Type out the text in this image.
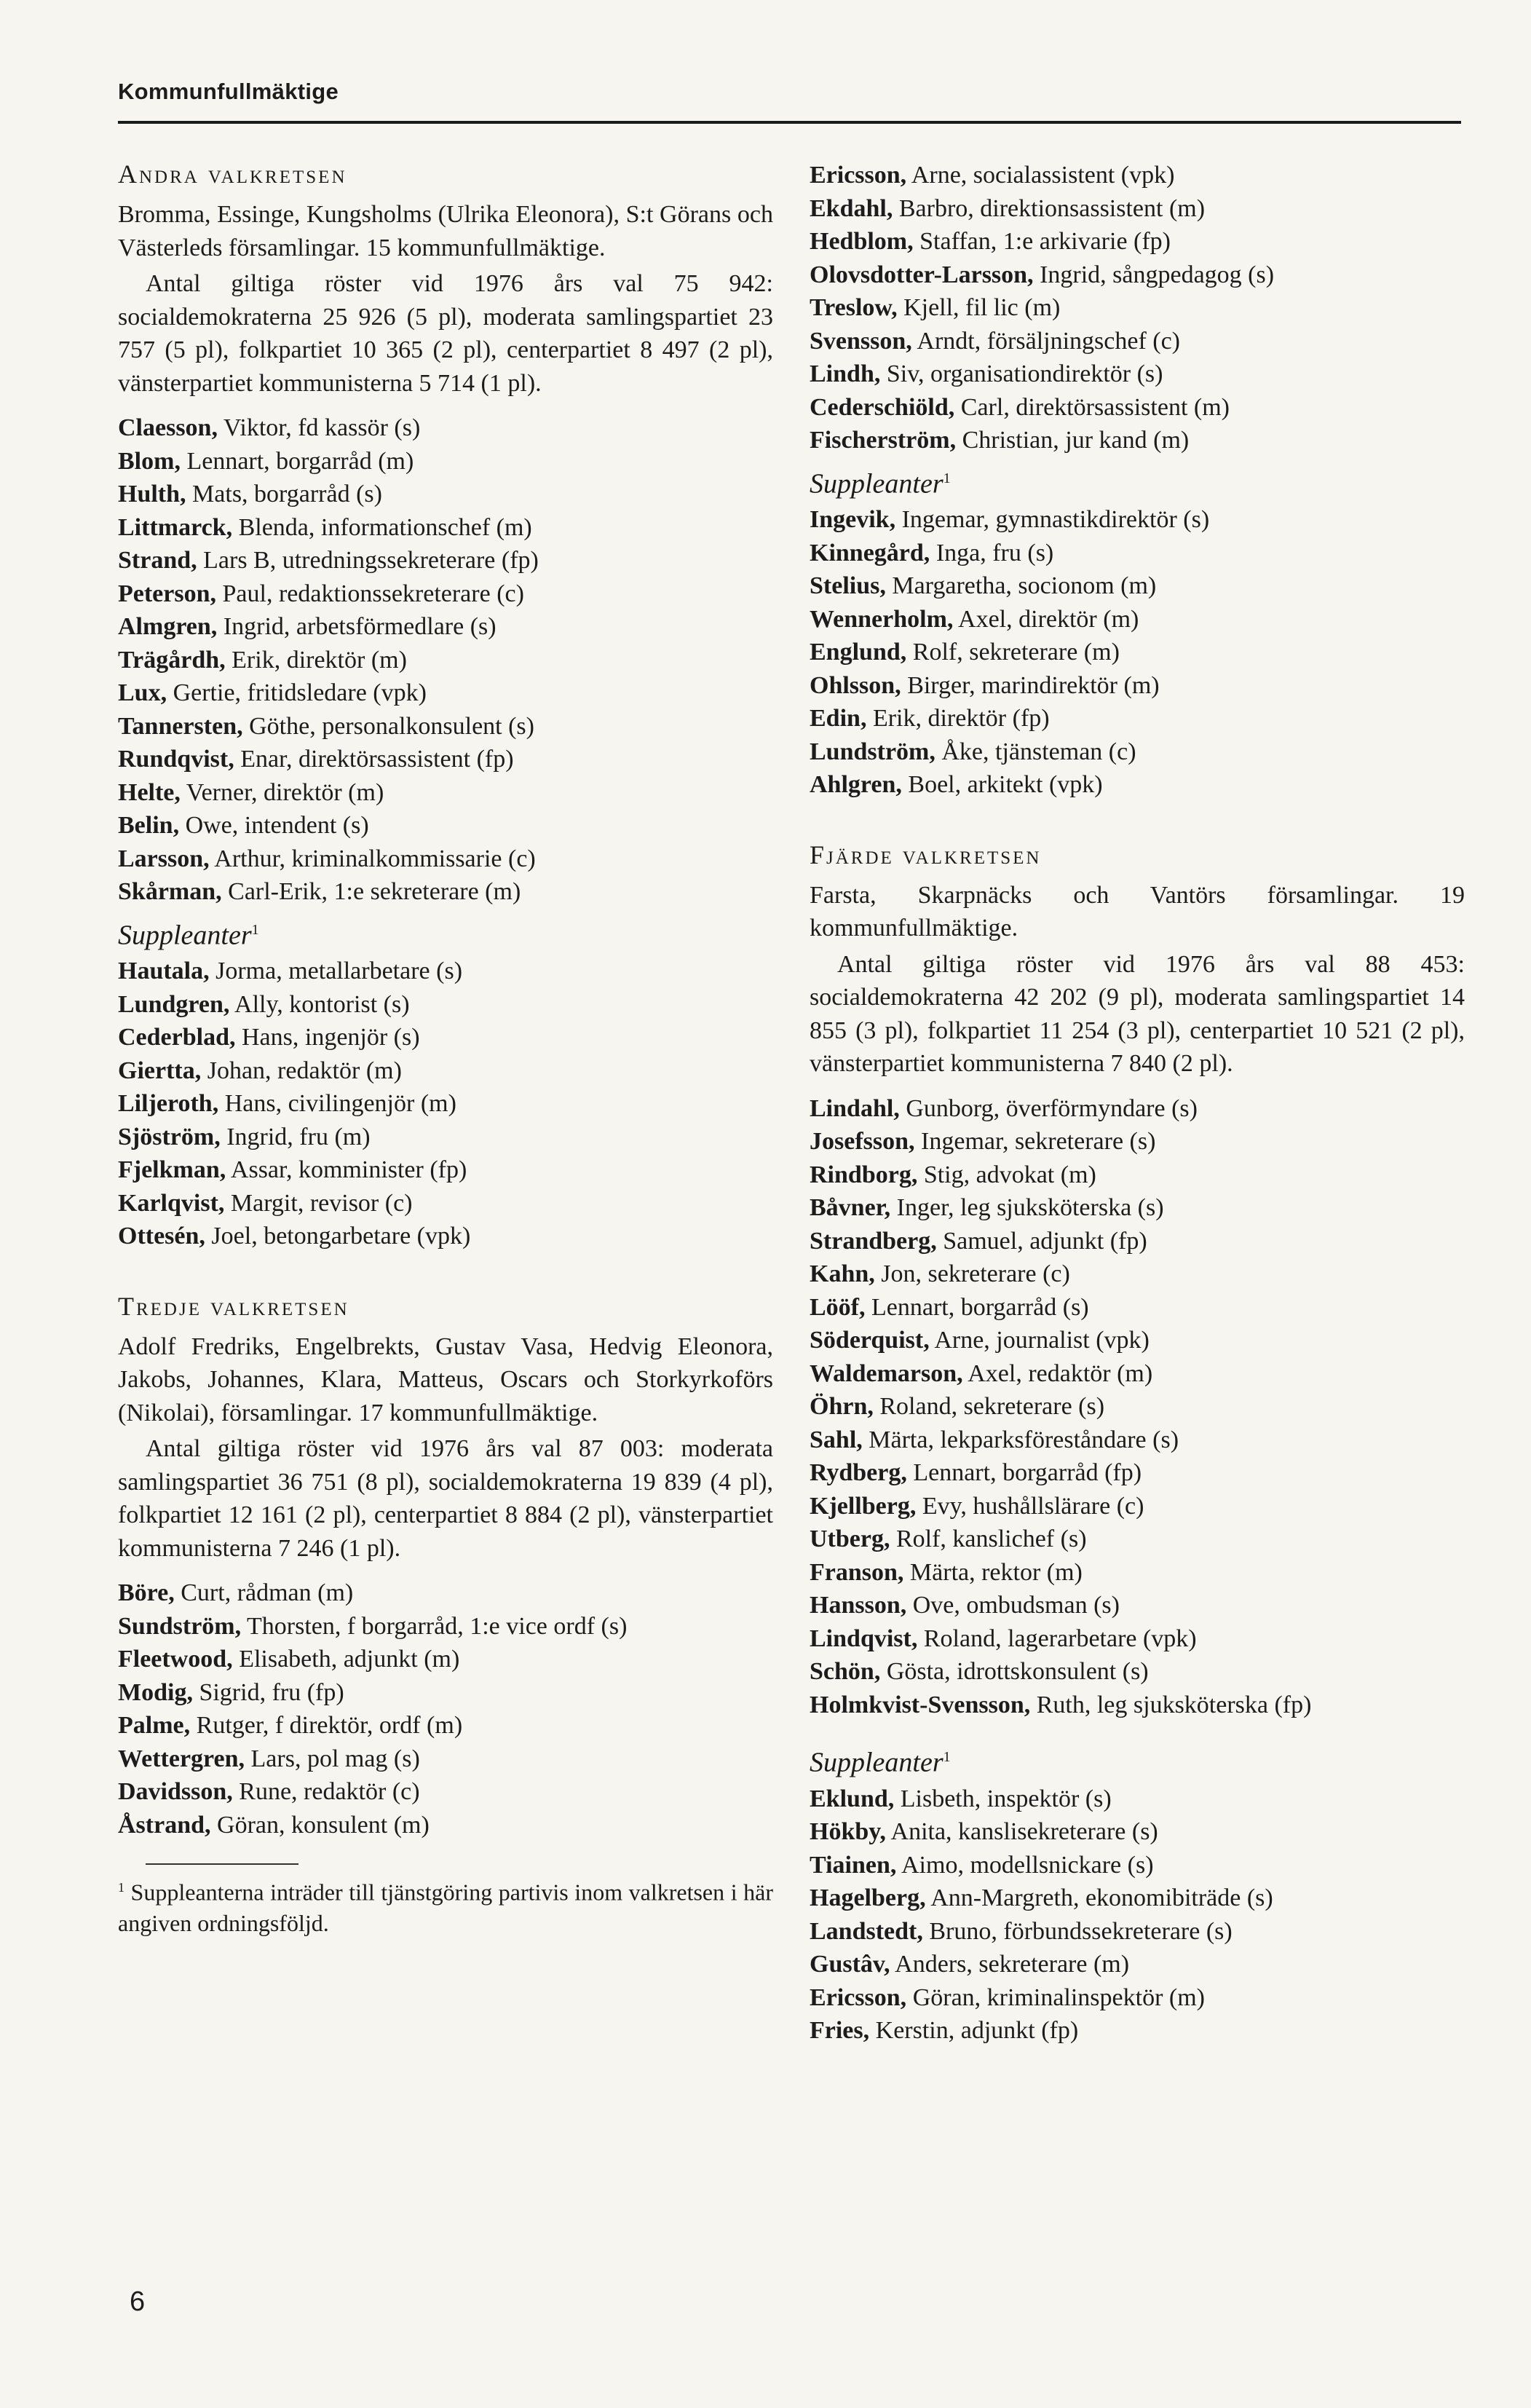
Kommunfullmäktige
Andra valkretsen

Bromma, Essinge, Kungsholms (Ulrika Eleonora), S:t Görans och Västerleds församlingar. 15 kommunfullmäktige.

Antal giltiga röster vid 1976 års val 75 942: socialdemokraterna 25 926 (5 pl), moderata samlingspartiet 23 757 (5 pl), folkpartiet 10 365 (2 pl), centerpartiet 8 497 (2 pl), vänsterpartiet kommunisterna 5 714 (1 pl).

Claesson, Viktor, fd kassör (s)
Blom, Lennart, borgarråd (m)
Hulth, Mats, borgarråd (s)
Littmarck, Blenda, informationschef (m)
Strand, Lars B, utredningssekreterare (fp)
Peterson, Paul, redaktionssekreterare (c)
Almgren, Ingrid, arbetsförmedlare (s)
Trägårdh, Erik, direktör (m)
Lux, Gertie, fritidsledare (vpk)
Tannersten, Göthe, personalkonsulent (s)
Rundqvist, Enar, direktörsassistent (fp)
Helte, Verner, direktör (m)
Belin, Owe, intendent (s)
Larsson, Arthur, kriminalkommissarie (c)
Skårman, Carl-Erik, 1:e sekreterare (m)
Suppleanter$^1$
Hautala, Jorma, metallarbetare (s)
Lundgren, Ally, kontorist (s)
Cederblad, Hans, ingenjör (s)
Giertta, Johan, redaktör (m)
Liljeroth, Hans, civilingenjör (m)
Sjöström, Ingrid, fru (m)
Fjelkman, Assar, komminister (fp)
Karlqvist, Margit, revisor (c)
Ottesén, Joel, betongarbetare (vpk)
Tredje valkretsen

Adolf Fredriks, Engelbrekts, Gustav Vasa, Hedvig Eleonora, Jakobs, Johannes, Klara, Matteus, Oscars och Storkyrkoförs (Nikolai), församlingar. 17 kommunfullmäktige.

Antal giltiga röster vid 1976 års val 87 003: moderata samlingspartiet 36 751 (8 pl), socialdemokraterna 19 839 (4 pl), folkpartiet 12 161 (2 pl), centerpartiet 8 884 (2 pl), vänsterpartiet kommunisterna 7 246 (1 pl).

Böre, Curt, rådman (m)
Sundström, Thorsten, f borgarråd, 1:e vice ordf (s)
Fleetwood, Elisabeth, adjunkt (m)
Modig, Sigrid, fru (fp)
Palme, Rutger, f direktör, ordf (m)
Wettergren, Lars, pol mag (s)
Davidsson, Rune, redaktör (c)
Åstrand, Göran, konsulent (m)

$^1$ Suppleanterna inträder till tjänstgöring partivis inom valkretsen i här angiven ordningsföljd.

Ericsson, Arne, socialassistent (vpk)
Ekdahl, Barbro, direktionsassistent (m)
Hedblom, Staffan, 1:e arkivarie (fp)
Olovsdotter-Larsson, Ingrid, sångpedagog (s)
Treslow, Kjell, fil lic (m)
Svensson, Arndt, försäljningschef (c)
Lindh, Siv, organisationdirektör (s)
Cederschiöld, Carl, direktörsassistent (m)
Fischerström, Christian, jur kand (m)
Suppleanter$^1$
Ingevik, Ingemar, gymnastikdirektör (s)
Kinnegård, Inga, fru (s)
Stelius, Margaretha, socionom (m)
Wennerholm, Axel, direktör (m)
Englund, Rolf, sekreterare (m)
Ohlsson, Birger, marindirektör (m)
Edin, Erik, direktör (fp)
Lundström, Åke, tjänsteman (c)
Ahlgren, Boel, arkitekt (vpk)
Fjärde valkretsen

Farsta, Skarpnäcks och Vantörs församlingar. 19 kommunfullmäktige.

Antal giltiga röster vid 1976 års val 88 453: socialdemokraterna 42 202 (9 pl), moderata samlingspartiet 14 855 (3 pl), folkpartiet 11 254 (3 pl), centerpartiet 10 521 (2 pl), vänsterpartiet kommunisterna 7 840 (2 pl).

Lindahl, Gunborg, överförmyndare (s)
Josefsson, Ingemar, sekreterare (s)
Rindborg, Stig, advokat (m)
Båvner, Inger, leg sjuksköterska (s)
Strandberg, Samuel, adjunkt (fp)
Kahn, Jon, sekreterare (c)
Lööf, Lennart, borgarråd (s)
Söderquist, Arne, journalist (vpk)
Waldemarson, Axel, redaktör (m)
Öhrn, Roland, sekreterare (s)
Sahl, Märta, lekparksföreståndare (s)
Rydberg, Lennart, borgarråd (fp)
Kjellberg, Evy, hushållslärare (c)
Utberg, Rolf, kanslichef (s)
Franson, Märta, rektor (m)
Hansson, Ove, ombudsman (s)
Lindqvist, Roland, lagerarbetare (vpk)
Schön, Gösta, idrottskonsulent (s)
Holmkvist-Svensson, Ruth, leg sjuksköterska (fp)
Suppleanter$^1$
Eklund, Lisbeth, inspektör (s)
Hökby, Anita, kanslisekreterare (s)
Tiainen, Aimo, modellsnickare (s)
Hagelberg, Ann-Margreth, ekonomibiträde (s)
Landstedt, Bruno, förbundssekreterare (s)
Gustâv, Anders, sekreterare (m)
Ericsson, Göran, kriminalinspektör (m)
Fries, Kerstin, adjunkt (fp)
6
